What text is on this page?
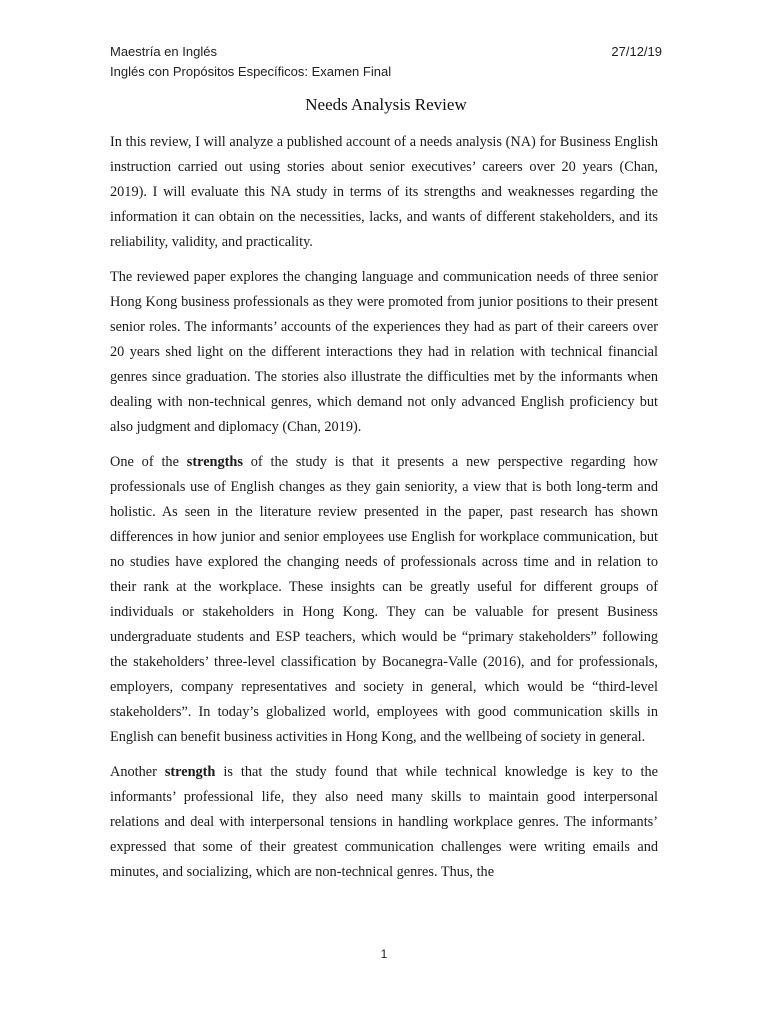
Maestría en Inglés	27/12/19
Inglés con Propósitos Específicos: Examen Final
Needs Analysis Review

In this review, I will analyze a published account of a needs analysis (NA) for Business English instruction carried out using stories about senior executives’ careers over 20 years (Chan, 2019). I will evaluate this NA study in terms of its strengths and weaknesses regarding the information it can obtain on the necessities, lacks, and wants of different stakeholders, and its reliability, validity, and practicality.

The reviewed paper explores the changing language and communication needs of three senior Hong Kong business professionals as they were promoted from junior positions to their present senior roles. The informants’ accounts of the experiences they had as part of their careers over 20 years shed light on the different interactions they had in relation with technical financial genres since graduation. The stories also illustrate the difficulties met by the informants when dealing with non-technical genres, which demand not only advanced English proficiency but also judgment and diplomacy (Chan, 2019).

One of the strengths of the study is that it presents a new perspective regarding how professionals use of English changes as they gain seniority, a view that is both long-term and holistic. As seen in the literature review presented in the paper, past research has shown differences in how junior and senior employees use English for workplace communication, but no studies have explored the changing needs of professionals across time and in relation to their rank at the workplace. These insights can be greatly useful for different groups of individuals or stakeholders in Hong Kong. They can be valuable for present Business undergraduate students and ESP teachers, which would be “primary stakeholders” following the stakeholders’ three-level classification by Bocanegra-Valle (2016), and for professionals, employers, company representatives and society in general, which would be “third-level stakeholders”. In today’s globalized world, employees with good communication skills in English can benefit business activities in Hong Kong, and the wellbeing of society in general.

Another strength is that the study found that while technical knowledge is key to the informants’ professional life, they also need many skills to maintain good interpersonal relations and deal with interpersonal tensions in handling workplace genres. The informants’ expressed that some of their greatest communication challenges were writing emails and minutes, and socializing, which are non-technical genres. Thus, the

1
